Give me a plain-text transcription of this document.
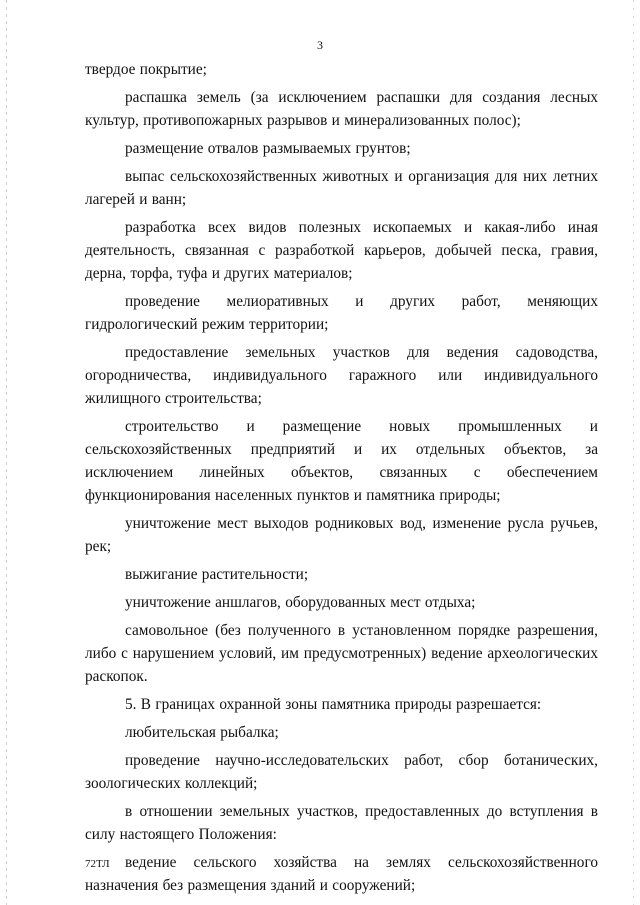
3

твердое покрытие;

распашка земель (за исключением распашки для создания лесных культур, противопожарных разрывов и минерализованных полос);

размещение отвалов размываемых грунтов;

выпас сельскохозяйственных животных и организация для них летних лагерей и ванн;

разработка всех видов полезных ископаемых и какая-либо иная деятельность, связанная с разработкой карьеров, добычей песка, гравия, дерна, торфа, туфа и других материалов;

проведение мелиоративных и других работ, меняющих гидрологический режим территории;

предоставление земельных участков для ведения садоводства, огородничества, индивидуального гаражного или индивидуального жилищного строительства;

строительство и размещение новых промышленных и сельскохозяйственных предприятий и их отдельных объектов, за исключением линейных объектов, связанных с обеспечением функционирования населенных пунктов и памятника природы;

уничтожение мест выходов родниковых вод, изменение русла ручьев, рек;

выжигание растительности;

уничтожение аншлагов, оборудованных мест отдыха;

самовольное (без полученного в установленном порядке разрешения, либо с нарушением условий, им предусмотренных) ведение археологических раскопок.

5. В границах охранной зоны памятника природы разрешается:

любительская рыбалка;

проведение научно-исследовательских работ, сбор ботанических, зоологических коллекций;

в отношении земельных участков, предоставленных до вступления в силу настоящего Положения:

ведение сельского хозяйства на землях сельскохозяйственного назначения без размещения зданий и сооружений;

72ТЛ
